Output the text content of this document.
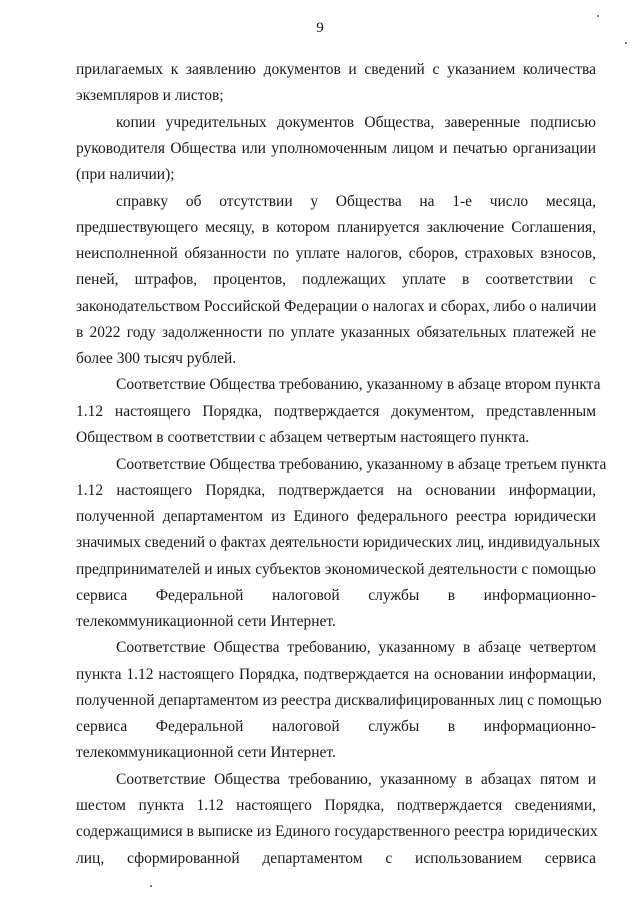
9
прилагаемых к заявлению документов и сведений с указанием количества
экземпляров и листов;
копии учредительных документов Общества, заверенные подписью
руководителя Общества или уполномоченным лицом и печатью организации
(при наличии);
справку об отсутствии у Общества на 1-е число месяца,
предшествующего месяцу, в котором планируется заключение Соглашения,
неисполненной обязанности по уплате налогов, сборов, страховых взносов,
пеней, штрафов, процентов, подлежащих уплате в соответствии с
законодательством Российской Федерации о налогах и сборах, либо о наличии
в 2022 году задолженности по уплате указанных обязательных платежей не
более 300 тысяч рублей.
Соответствие Общества требованию, указанному в абзаце втором пункта
1.12 настоящего Порядка, подтверждается документом, представленным
Обществом в соответствии с абзацем четвертым настоящего пункта.
Соответствие Общества требованию, указанному в абзаце третьем пункта
1.12 настоящего Порядка, подтверждается на основании информации,
полученной департаментом из Единого федерального реестра юридически
значимых сведений о фактах деятельности юридических лиц, индивидуальных
предпринимателей и иных субъектов экономической деятельности с помощью
сервиса Федеральной налоговой службы в информационно-
телекоммуникационной сети Интернет.
Соответствие Общества требованию, указанному в абзаце четвертом
пункта 1.12 настоящего Порядка, подтверждается на основании информации,
полученной департаментом из реестра дисквалифицированных лиц с помощью
сервиса Федеральной налоговой службы в информационно-
телекоммуникационной сети Интернет.
Соответствие Общества требованию, указанному в абзацах пятом и
шестом пункта 1.12 настоящего Порядка, подтверждается сведениями,
содержащимися в выписке из Единого государственного реестра юридических
лиц, сформированной департаментом с использованием сервиса
